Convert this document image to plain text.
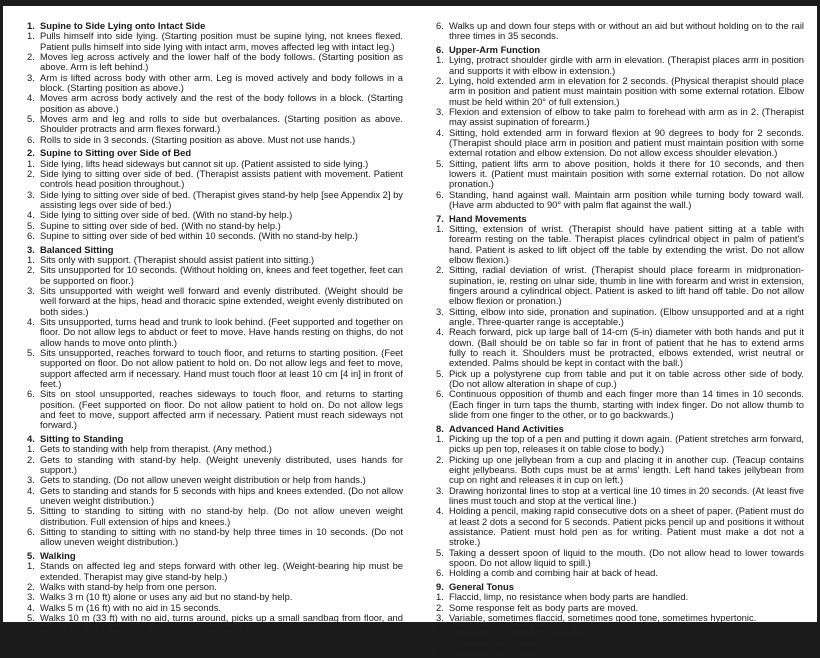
1. Supine to Side Lying onto Intact Side
1. Pulls himself into side lying. (Starting position must be supine lying, not knees flexed. Patient pulls himself into side lying with intact arm, moves affected leg with intact leg.)
2. Moves leg across actively and the lower half of the body follows. (Starting position as above. Arm is left behind.)
3. Arm is lifted across body with other arm. Leg is moved actively and body follows in a block. (Starting position as above.)
4. Moves arm across body actively and the rest of the body follows in a block. (Starting position as above.)
5. Moves arm and leg and rolls to side but overbalances. (Starting position as above. Shoulder protracts and arm flexes forward.)
6. Rolls to side in 3 seconds. (Starting position as above. Must not use hands.)
2. Supine to Sitting over Side of Bed
1. Side lying, lifts head sideways but cannot sit up. (Patient assisted to side lying.)
2. Side lying to sitting over side of bed. (Therapist assists patient with movement. Patient controls head position throughout.)
3. Side lying to sitting over side of bed. (Therapist gives stand-by help [see Appendix 2] by assisting legs over side of bed.)
4. Side lying to sitting over side of bed. (With no stand-by help.)
5. Supine to sitting over side of bed. (With no stand-by help.)
6. Supine to sitting over side of bed within 10 seconds. (With no stand-by help.)
3. Balanced Sitting
1. Sits only with support. (Therapist should assist patient into sitting.)
2. Sits unsupported for 10 seconds. (Without holding on, knees and feet together, feet can be supported on floor.)
3. Sits unsupported with weight well forward and evenly distributed. (Weight should be well forward at the hips, head and thoracic spine extended, weight evenly distributed on both sides.)
4. Sits unsupported, turns head and trunk to look behind. (Feet supported and together on floor. Do not allow legs to abduct or feet to move. Have hands resting on thighs, do not allow hands to move onto plinth.)
5. Sits unsupported, reaches forward to touch floor, and returns to starting position. (Feet supported on floor. Do not allow patient to hold on. Do not allow legs and feet to move, support affected arm if necessary. Hand must touch floor at least 10 cm [4 in] in front of feet.)
6. Sits on stool unsupported, reaches sideways to touch floor, and returns to starting position. (Feet supported on floor. Do not allow patient to hold on. Do not allow legs and feet to move, support affected arm if necessary. Patient must reach sideways not forward.)
4. Sitting to Standing
1. Gets to standing with help from therapist. (Any method.)
2. Gets to standing with stand-by help. (Weight unevenly distributed, uses hands for support.)
3. Gets to standing. (Do not allow uneven weight distribution or help from hands.)
4. Gets to standing and stands for 5 seconds with hips and knees extended. (Do not allow uneven weight distribution.)
5. Sitting to standing to sitting with no stand-by help. (Do not allow uneven weight distribution. Full extension of hips and knees.)
6. Sitting to standing to sitting with no stand-by help three times in 10 seconds. (Do not allow uneven weight distribution.)
5. Walking
1. Stands on affected leg and steps forward with other leg. (Weight-bearing hip must be extended. Therapist may give stand-by help.)
2. Walks with stand-by help from one person.
3. Walks 3 m (10 ft) alone or uses any aid but no stand-by help.
4. Walks 5 m (16 ft) with no aid in 15 seconds.
5. Walks 10 m (33 ft) with no aid, turns around, picks up a small sandbag from floor, and walks back in 25 seconds. (May use either hand.)
6. Walks up and down four steps with or without an aid but without holding on to the rail three times in 35 seconds.
6. Upper-Arm Function
1. Lying, protract shoulder girdle with arm in elevation. (Therapist places arm in position and supports it with elbow in extension.)
2. Lying, hold extended arm in elevation for 2 seconds. (Physical therapist should place arm in position and patient must maintain position with some external rotation. Elbow must be held within 20° of full extension.)
3. Flexion and extension of elbow to take palm to forehead with arm as in 2. (Therapist may assist supination of forearm.)
4. Sitting, hold extended arm in forward flexion at 90 degrees to body for 2 seconds. (Therapist should place arm in position and patient must maintain position with some external rotation and elbow extension. Do not allow excess shoulder elevation.)
5. Sitting, patient lifts arm to above position, holds it there for 10 seconds, and then lowers it. (Patient must maintain position with some external rotation. Do not allow pronation.)
6. Standing, hand against wall. Maintain arm position while turning body toward wall. (Have arm abducted to 90° with palm flat against the wall.)
7. Hand Movements
1. Sitting, extension of wrist. (Therapist should have patient sitting at a table with forearm resting on the table. Therapist places cylindrical object in palm of patient's hand. Patient is asked to lift object off the table by extending the wrist. Do not allow elbow flexion.)
2. Sitting, radial deviation of wrist. (Therapist should place forearm in midpronation-supination, ie, resting on ulnar side, thumb in line with forearm and wrist in extension, fingers around a cylindrical object. Patient is asked to lift hand off table. Do not allow elbow flexion or pronation.)
3. Sitting, elbow into side, pronation and supination. (Elbow unsupported and at a right angle. Three-quarter range is acceptable.)
4. Reach forward, pick up large ball of 14-cm (5-in) diameter with both hands and put it down. (Ball should be on table so far in front of patient that he has to extend arms fully to reach it. Shoulders must be protracted, elbows extended, wrist neutral or extended. Palms should be kept in contact with the ball.)
5. Pick up a polystyrene cup from table and put it on table across other side of body. (Do not allow alteration in shape of cup.)
6. Continuous opposition of thumb and each finger more than 14 times in 10 seconds. (Each finger in turn taps the thumb, starting with index finger. Do not allow thumb to slide from one finger to the other, or to go backwards.)
8. Advanced Hand Activities
1. Picking up the top of a pen and putting it down again. (Patient stretches arm forward, picks up pen top, releases it on table close to body.)
2. Picking up one jellybean from a cup and placing it in another cup. (Teacup contains eight jellybeans. Both cups must be at arms' length. Left hand takes jellybean from cup on right and releases it in cup on left.)
3. Drawing horizontal lines to stop at a vertical line 10 times in 20 seconds. (At least five lines must touch and stop at the vertical line.)
4. Holding a pencil, making rapid consecutive dots on a sheet of paper. (Patient must do at least 2 dots a second for 5 seconds. Patient picks pencil up and positions it without assistance. Patient must hold pen as for writing. Patient must make a dot not a stroke.)
5. Taking a dessert spoon of liquid to the mouth. (Do not allow head to lower towards spoon. Do not allow liquid to spill.)
6. Holding a comb and combing hair at back of head.
9. General Tonus
1. Flaccid, limp, no resistance when body parts are handled.
2. Some response felt as body parts are moved.
3. Variable, sometimes flaccid, sometimes good tone, sometimes hypertonic.
4. Consistently normal response.
5. Hypertonic 50 percent of the time.
6. Hypertonic at all times.
